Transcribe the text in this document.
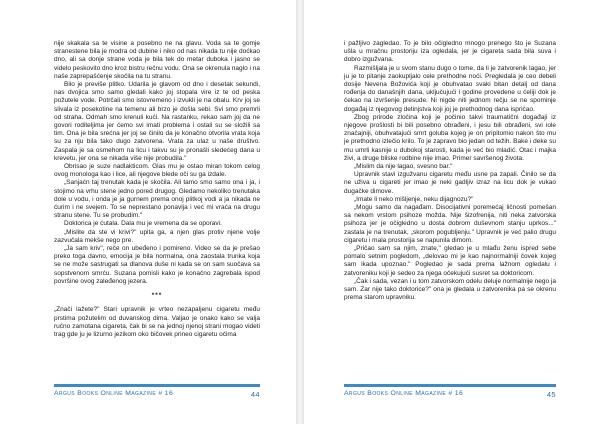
nije skakala sa te visine a posebno ne na glavu. Voda sa te gomje stranestene bila je modra od dubine i niko od nas nikada tu nije doćkao dno, ali sa donje strane voda je bila tek do metar duboka i jasno se videlo peskovito dno kroz bistru rečnu vodu. Ona se okrenula naglo i na naše zaprepašćenje skočila na tu stranu.

Bilo je previše plitko. Udarila je glavom od dno i desetak sekundi, nas dvojica smo samo gledali kako joj stopala vire iz te od peska požutele vode. Potrčali smo istovremeno i izvukli je na obalu. Krv joj se slivala iz posekotine na temenu ali brzo je došla sebi. Svi smo premrli od straha. Odmah smo krenuli kući. Na rastanku, rekao sam joj da ne govori roditeljima jer ćemo svi imati problema i ostali su se složili sa tim. Ona je bila srećna jer joj se činilo da je konačno otvorila vrata koja su za nju bila tako dugo zatvorena. Vrata za ulaz u naše društvo. Zaspala je sa osmehom na licu i takvu su je pronašli sledećeg dana u krevetu, jer ona se nikada više nije probudila."

Obrisao je suze nadlakticom. Glas mu je ostao miran tokom celog ovog monologa kao i lice, ali njegove blede oči su ga izdale.

„Sanjaćn taj trenutak kada je skočila. Ali tamo smo samo ona i ja, i stojimo na vrhu stene jedno pored drugog. Gledamo nekoliko trenutaka dole u vodu, i onda je ja gurnem prema onoj plitkoj vodi a ja nikada ne ćurim i ne svejem. To se neprestano ponavlja i već mi vraća na drugu stranu stene. Tu se probudim."

Doktorica je ćutala. Dala mu je vremena da se oporavi.

„Mislite da ste vi krivi?" upita ga, a njen glas protiv njene volje zazvučala mekše nego pre.

„Ja sam kriv", reče on ubeđeno i pomireno. Video se da je prešao preko toga davno, emocija je bila normalna, ona zaostala trunka koja se ne može sastrugati sa dlanova duše ni kada se on sam suočava sa sopstvenom smrću. Suzana pomisli kako je konačno zagrebala ispod površine ovog zaleđenog jezera.

***

„Znači lažete?" Stari upravnik je vrteo nezapaljenu cigaretu među prstima požutelim od duvanskog dima. Valjao je onako kako se valja ručno zamotana cigareta, čak bi se na jednoj njenoj strani mogao videti trag gde ju je lizurno jezikom oko bičovek prineo cigaretu očima

Argus Books Online Magazine # 16	44

i pažljivo zagledao. To je bilo očigledno mnogo prenego što je Suzana ušla u mračnu prostoriju iza ogledala, jer je cigareta sada bila suva i dobro izgužvana.

Razmišljala je u svom stanu dugo o tome, da li je zatvorenik lagao, jer ju je to pitanje zaokupljalo cele prethodne noći. Pregledala je ceo debeli dosije Nevena Božovića koji je obuhvatao svaki bitan detalj od dana rođenja do današnjih dana, uključujući i godine provedene u ćeliji dok je čekao na izvršenje presude. Ni nigde niti jednom rečju se ne spominje događaj iz njegovog detinjstva koji joj je prethodnog dana ispričao.

Zbog prirode zločina koji je počinio takvi traumatični događaji iz njegove prošlosti bi bili posebno obrađeni, i jesu bili obrađeni, svi iole značajniji, obuhvatajući smrt goluba kojeg je on pripitomio nakon što mu je prethodno izlečio krilo. To je zapravo bio jedan od težih. Bake i deke su mu umrli kasnije u dubokoj starosti, kada je već bio mladić. Otac i majka živi, a druge bliske rodbine nije imao. Primer savršenog života.

„Mislim da nije lagao, svesno bar."

Upravnik stavi izgužvanu cigaretu među usne pa zapali. Činilo se da ne uživa u cigareti jer imao je neki gadljiv izraz na licu dok je vukao dugačke dimove.

„Imate li neko mišljenje, neku dijagnozu?"

„Mogu samo da nagađam. Disocijativni poremećaj ličnosti pomešan sa nekom vrstom psihoze možda. Nije šizofrenija, niti neka zatvorska psihoza jer je očigledno u dosta dobrom duševnom stanju uprkos..." zastala je na trenutak, „skorom pogubljenju." Upravnik je već palio drugu cigaretu i mala prostorija se napunila dimom.

„Pričao sam sa njim, znate," gledao je u mlađu ženu ispred sebe pomalo setnim pogledom, „delovao mi je kao najnormalniji čovek kojeg sam ikada upoznao." Pogledao je sada prema lažnom ogledalu i zatvoreniku koji je sedeo za njega očekujući susret sa doktoricom.

„Čak i sada, vezan i u tom zatvorskom odelu deluje normalnije nego ja sam. Zar nije tako doktorice?" ona je gledala u zatvorenika pa se okrenu prema starom upravniku.

Argus Books Online Magazine # 16	45
